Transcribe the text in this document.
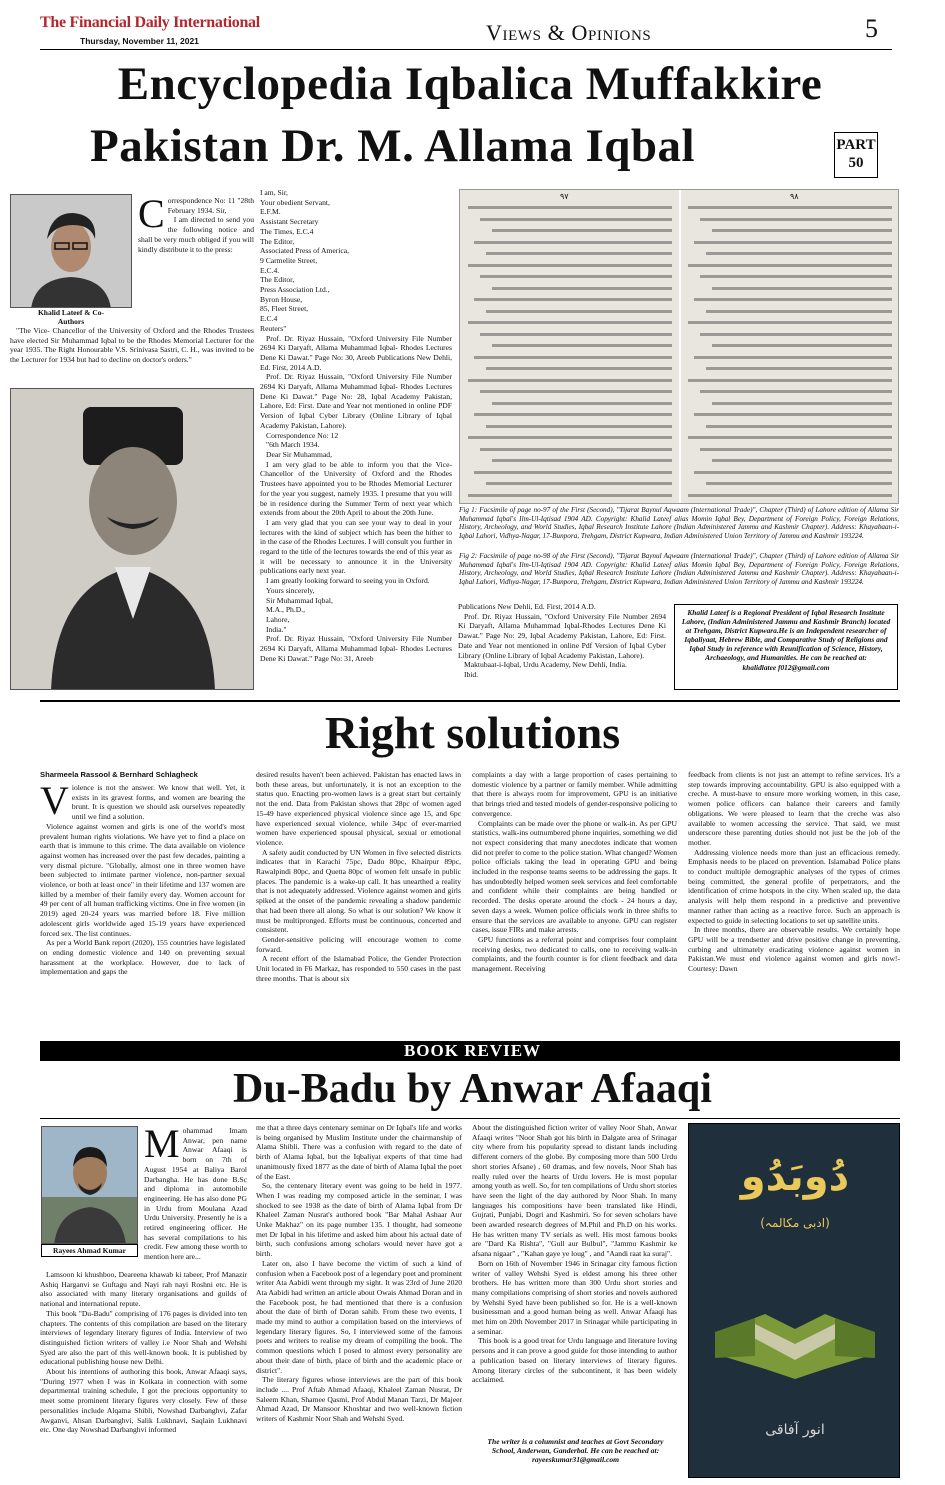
The Financial Daily International
Thursday, November 11, 2021	Views & Opinions	5
Encyclopedia Iqbalica Muffakkire
Pakistan Dr. M. Allama Iqbal	PART
50
Khalid Lateef & Co-Authors
C orrespondence No: 11 "28th February 1934. Sir,

I am directed to send you the following notice and shall be very much obliged if you will kindly distribute it to the press:

"The Vice- Chancellor of the University of Oxford and the Rhodes Trustees have elected Sir Muhammad Iqbal to be the Rhodes Memorial Lecturer for the year 1935. The Right Honourable V.S. Srinivasa Sastri, C. H., was invited to be the Lecturer for 1934 but had to decline on doctor's orders."

I am, Sir,

Your obedient Servant,

E.F.M.

Assistant Secretary

The Times, E.C.4

The Editor,

Associated Press of America,

9 Carmelite Street,

E.C.4.

The Editor,

Press Association Ltd.,

Byron House,

85, Fleet Street,

E.C.4

Reuters"

Prof. Dr. Riyaz Hussain, "Oxford University File Number 2694 Ki Daryaft, Allama Muhammad Iqbal- Rhodes Lectures Dene Ki Dawat." Page No: 30, Areeb Publications New Dehli, Ed. First, 2014 A.D.

Prof. Dr. Riyaz Hussain, "Oxford University File Number 2694 Ki Daryaft, Allama Muhammad Iqbal- Rhodes Lectures Dene Ki Dawat." Page No: 28, Iqbal Academy Pakistan, Lahore, Ed: First. Date and Year not mentioned in online PDF Version of Iqbal Cyber Library (Online Library of Iqbal Academy Pakistan, Lahore).

Correspondence No: 12

"6th March 1934.

Dear Sir Muhammad,

I am very glad to be able to inform you that the Vice-Chancellor of the University of Oxford and the Rhodes Trustees have appointed you to be Rhodes Memorial Lecturer for the year you suggest, namely 1935. I presume that you will be in residence during the Summer Term of next year which extends from about the 20th April to about the 20th June.

I am very glad that you can see your way to deal in your lectures with the kind of subject which has been the hither to in the case of the Rhodes Lectures. I will consult you further in regard to the title of the lectures towards the end of this year as it will be necessary to announce it in the University publications early next year.

I am greatly looking forward to seeing you in Oxford.

Yours sincerely,

Sir Muhammad Iqbal,

M.A., Ph.D.,

Lahore,

India."

Prof. Dr. Riyaz Hussain, "Oxford University File Number 2694 Ki Daryaft, Allama Muhammad Iqbal- Rhodes Lectures Dene Ki Dawat." Page No: 31, Areeb

۹۷	۹۸
Fig 1: Facsimile of page no-97 of the First (Second), "Tijarat Baynul Aqwaam (International Trade)", Chapter (Third) of Lahore edition of Allama Sir Muhammad Iqbal's Ilm-Ul-Iqtisad 1904 AD. Copyright: Khalid Lateef alias Momin Iqbal Bey, Department of Foreign Policy, Foreign Relations, History, Archeology, and World Studies, Iqbal Research Institute Lahore (Indian Administered Jammu and Kashmir Chapter). Address: Khayabaan-i-Iqbal Lahori, Vidhya-Nagar, 17-Bunpora, Trehgam, District Kupwara, Indian Administered Union Territory of Jammu and Kashmir 193224.
Fig 2: Facsimile of page no-98 of the First (Second), "Tijarat Baynul Aqwaam (International Trade)", Chapter (Third) of Lahore edition of Allama Sir Muhammad Iqbal's Ilm-Ul-Iqtisad 1904 AD. Copyright: Khalid Lateef alias Momin Iqbal Bey, Department of Foreign Policy, Foreign Relations, History, Archeology, and World Studies, Iqbal Research Institute Lahore (Indian Administered Jammu and Kashmir Chapter). Address: Khayabaan-i-Iqbal Lahori, Vidhya-Nagar, 17-Bunpora, Trehgam, District Kupwara, Indian Administered Union Territory of Jammu and Kashmir 193224.

Publications New Dehli, Ed. First, 2014 A.D.

Prof. Dr. Riyaz Hussain, "Oxford University File Number 2694 Ki Daryaft, Allama Muhammad Iqbal-Rhodes Lectures Dene Ki Dawat." Page No: 29, Iqbal Academy Pakistan, Lahore, Ed: First. Date and Year not mentioned in online Pdf Version of Iqbal Cyber Library (Online Library of Iqbal Academy Pakistan, Lahore).

Maktubaat-i-Iqbal, Urdu Academy, New Dehli, India.

Ibid.

Khalid Lateef is a Regional President of Iqbal Research Institute Lahore, (Indian Administered Jammu and Kashmir Branch) located at Trehgam, District Kupwara.He is an Independent researcher of Iqbaliyaat, Hebrew Bible, and Comparative Study of Religions and Iqbal Study in reference with Reunification of Science, History, Archaeology, and Humanities. He can be reached at:
khalidlatee f012@gmail.com
Right solutions
Sharmeela Rassool & Bernhard Schlagheck
V iolence is not the answer. We know that well. Yet, it exists in its gravest forms, and women are bearing the brunt. It is question we should ask ourselves repeatedly until we find a solution.

Violence against women and girls is one of the world's most prevalent human rights violations. We have yet to find a place on earth that is immune to this crime. The data available on violence against women has increased over the past few decades, painting a very dismal picture. "Globally, almost one in three women have been subjected to intimate partner violence, non-partner sexual violence, or both at least once" in their lifetime and 137 women are killed by a member of their family every day. Women account for 49 per cent of all human trafficking victims. One in five women (in 2019) aged 20-24 years was married before 18. Five million adolescent girls worldwide aged 15-19 years have experienced forced sex. The list continues.

As per a World Bank report (2020), 155 countries have legislated on ending domestic violence and 140 on preventing sexual harassment at the workplace. However, due to lack of implementation and gaps the

desired results haven't been achieved. Pakistan has enacted laws in both these areas, but unfortunately, it is not an exception to the status quo. Enacting pro-women laws is a great start but certainly not the end. Data from Pakistan shows that 28pc of women aged 15-49 have experienced physical violence since age 15, and 6pc have experienced sexual violence, while 34pc of ever-married women have experienced spousal physical, sexual or emotional violence.

A safety audit conducted by UN Women in five selected districts indicates that in Karachi 75pc, Dadu 80pc, Khairpur 89pc, Rawalpindi 80pc, and Quetta 80pc of women felt unsafe in public places. The pandemic is a wake-up call. It has unearthed a reality that is not adequately addressed. Violence against women and girls spiked at the onset of the pandemic revealing a shadow pandemic that had been there all along. So what is our solution? We know it must be multipronged. Efforts must be continuous, concerted and consistent.

Gender-sensitive policing will encourage women to come forward.

A recent effort of the Islamabad Police, the Gender Protection Unit located in F6 Markaz, has responded to 550 cases in the past three months. That is about six

complaints a day with a large proportion of cases pertaining to domestic violence by a partner or family member. While admitting that there is always room for improvement, GPU is an initiative that brings tried and tested models of gender-responsive policing to convergence.

Complaints can be made over the phone or walk-in. As per GPU statistics, walk-ins outnumbered phone inquiries, something we did not expect considering that many anecdotes indicate that women did not prefer to come to the police station. What changed? Women police officials taking the lead in operating GPU and being included in the response teams seems to be addressing the gaps. It has undoubtedly helped women seek services and feel comfortable and confident while their complaints are being handled or recorded. The desks operate around the clock - 24 hours a day, seven days a week. Women police officials work in three shifts to ensure that the services are available to anyone. GPU can register cases, issue FIRs and make arrests.

GPU functions as a referral point and comprises four complaint receiving desks, two dedicated to calls, one to receiving walk-in complaints, and the fourth counter is for client feedback and data management. Receiving

feedback from clients is not just an attempt to refine services. It's a step towards improving accountability. GPU is also equipped with a creche. A must-have to ensure more working women, in this case, women police officers can balance their careers and family obligations. We were pleased to learn that the creche was also available to women accessing the service. That said, we must underscore these parenting duties should not just be the job of the mother.

Addressing violence needs more than just an efficacious remedy. Emphasis needs to be placed on prevention. Islamabad Police plans to conduct multiple demographic analyses of the types of crimes being committed, the general profile of perpetrators, and the identification of crime hotspots in the city. When scaled up, the data analysis will help them respond in a predictive and preventive manner rather than acting as a reactive force. Such an approach is expected to guide in selecting locations to set up satellite units.

In three months, there are observable results. We certainly hope GPU will be a trendsetter and drive positive change in preventing, curbing and ultimately eradicating violence against women in Pakistan.We must end violence against women and girls now!-Courtesy: Dawn

BOOK REVIEW
Du-Badu by Anwar Afaaqi
Rayees Ahmad Kumar
M ohammad Imam Anwar, pen name Anwar Afaaqi is born on 7th of August 1954 at Baliya Barol Darbangha. He has done B.Sc and diploma in automobile engineering. He has also done PG in Urdu from Moulana Azad Urdu University. Presently he is a retired engineering officer. He has several compilations to his credit. Few among these worth to mention here are...

Lamsoon ki khushboo, Deareena khawab ki tabeer, Prof Manazir Ashiq Harganvi se Guftagu and Nayi rah nayi Roshni etc. He is also associated with many literary organisations and guilds of national and international repute.

This book "Du-Badu" comprising of 176 pages is divided into ten chapters. The contents of this compilation are based on the literary interviews of legendary literary figures of India. Interview of two distinguished fiction writers of valley i.e Noor Shah and Wehshi Syed are also the part of this well-known book. It is published by educational publishing house new Delhi.

About his intentions of authoring this book, Anwar Afaaqi says, "During 1977 when I was in Kolkata in connection with some departmental training schedule, I got the precious opportunity to meet some prominent literary figures very closely. Few of these personalities include Alqama Shibli, Nowshad Darbanghvi, Zafar Awganvi, Ahsan Darbanghvi, Salik Lukhnavi, Saqlain Lukhnavi etc. One day Nowshad Darbanghvi informed

me that a three days centenary seminar on Dr Iqbal's life and works is being organised by Muslim Institute under the chairmanship of Alama Shibli. There was a confusion with regard to the date of birth of Alama Iqbal, but the Iqbaliyat experts of that time had unanimously fixed 1877 as the date of birth of Alama Iqbal the poet of the East.

So, the centenary literary event was going to be held in 1977. When I was reading my composed article in the seminar, I was shocked to see 1938 as the date of birth of Alama Iqbal from Dr Khaleel Zaman Nusrat's authored book "Bar Mahal Ashaar Aur Unke Makhaz" on its page number 135. I thought, had someone met Dr Iqbal in his lifetime and asked him about his actual date of birth, such confusions among scholars would never have got a birth.

Later on, also I have become the victim of such a kind of confusion when a Facebook post of a legendary poet and prominent writer Ata Aabidi went through my sight. It was 23rd of June 2020 Ata Aabidi had written an article about Owais Ahmad Doran and in the Facebook post, he had mentioned that there is a confusion about the date of birth of Doran sahib. From these two events, I made my mind to author a compilation based on the interviews of legendary literary figures. So, I interviewed some of the famous poets and writers to realise my dream of compiling the book. The common questions which I posed to almost every personality are about their date of birth, place of birth and the academic place or district".

The literary figures whose interviews are the part of this book include .... Prof Aftab Ahmad Afaaqi, Khaleel Zaman Nusrat, Dr Saleem Khan, Shamee Qasmi, Prof Abdul Manan Tarzi, Dr Majeer Ahmad Azad, Dr Mansoor Khoshtar and two well-known fiction writers of Kashmir Noor Shah and Wehshi Syed.

About the distinguished fiction writer of valley Noor Shah, Anwar Afaaqi writes "Noor Shah got his birth in Dalgate area of Srinagar city where from his popularity spread to distant lands including different corners of the globe. By composing more than 500 Urdu short stories Afsane) , 60 dramas, and few novels, Noor Shah has really ruled over the hearts of Urdu lovers. He is most popular among youth as well. So, for ten compilations of Urdu short stories have seen the light of the day authored by Noor Shah. In many languages his compositions have been translated like Hindi, Gujrati, Punjabi, Dogri and Kashmiri. So for seven scholars have been awarded research degrees of M.Phil and Ph.D on his works. He has written many TV serials as well. His most famous books are "Dard Ka Rishta", "Gull aur Bulbul", "Jammu Kashmir ke afsana nigaar" , "Kahan gaye ye loug" , and "Aandi raat ka suraj".

Born on 16th of November 1946 in Srinagar city famous fiction writer of valley Wehshi Syed is eldest among his three other brothers. He has written more than 300 Urdu short stories and many compilations comprising of short stories and novels authored by Wehshi Syed have been published so for. He is a well-known businessman and a good human being as well. Anwar Afaaqi has met him on 20th November 2017 in Srinagar while participating in a seminar.

This book is a good treat for Urdu language and literature loving persons and it can prove a good guide for those intending to author a publication based on literary interviews of literary figures. Among literary circles of the subcontinent, it has been widely acclaimed.

The writer is a columnist and teaches at Govt Secondary School, Anderwan, Ganderbal. He can be reached at: rayeeskumar31@gmail.com
دُوبَدُو
(ادبی مکالمہ)
انور آفاقی
